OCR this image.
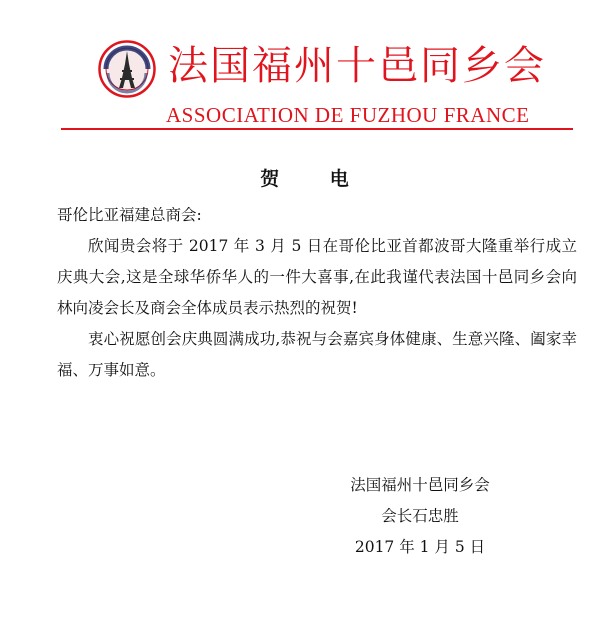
法国福州十邑同乡会
ASSOCIATION DE FUZHOU FRANCE
贺 电

哥伦比亚福建总商会:

欣闻贵会将于 2017 年 3 月 5 日在哥伦比亚首都波哥大隆重举行成立庆典大会,这是全球华侨华人的一件大喜事,在此我谨代表法国十邑同乡会向林向凌会长及商会全体成员表示热烈的祝贺!

衷心祝愿创会庆典圆满成功,恭祝与会嘉宾身体健康、生意兴隆、阖家幸福、万事如意。

法国福州十邑同乡会
会长石忠胜
2017 年 1 月 5 日
